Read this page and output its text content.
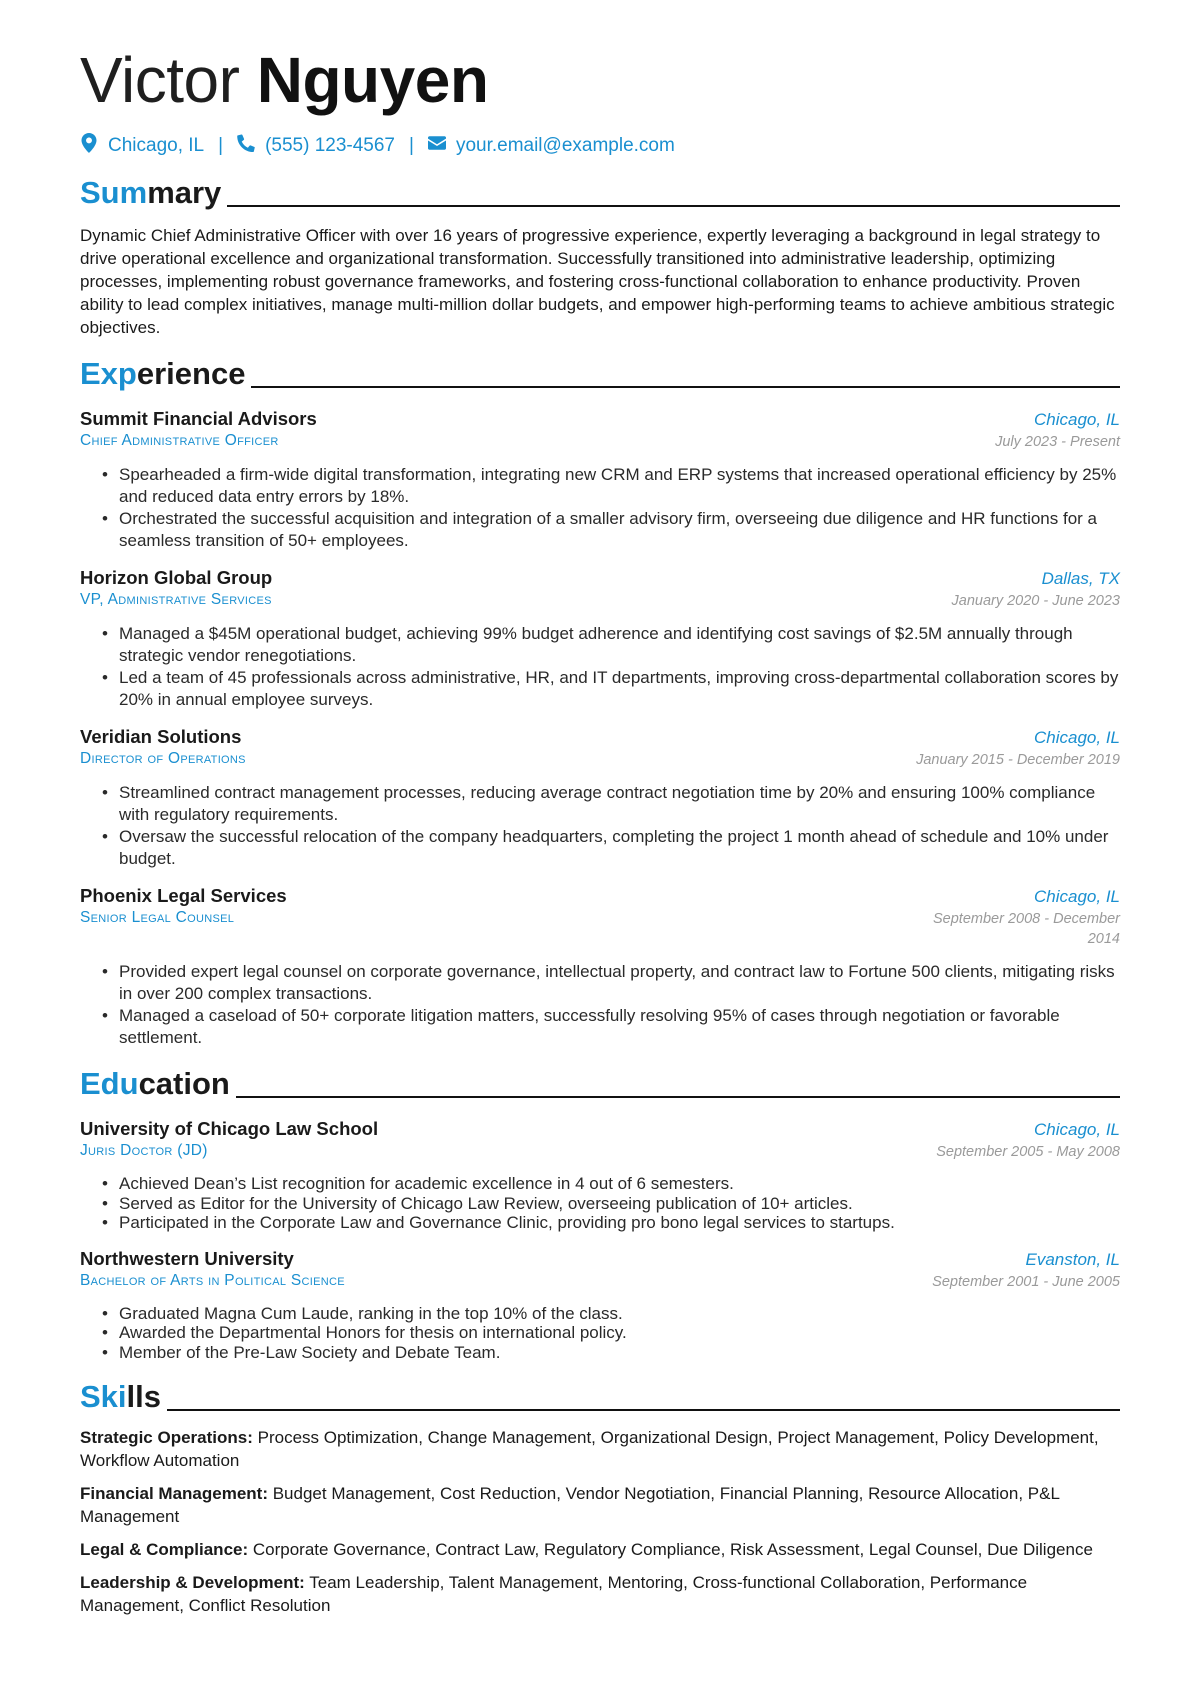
Victor Nguyen
Chicago, IL | (555) 123-4567 | your.email@example.com
Summary
Dynamic Chief Administrative Officer with over 16 years of progressive experience, expertly leveraging a background in legal strategy to drive operational excellence and organizational transformation. Successfully transitioned into administrative leadership, optimizing processes, implementing robust governance frameworks, and fostering cross-functional collaboration to enhance productivity. Proven ability to lead complex initiatives, manage multi-million dollar budgets, and empower high-performing teams to achieve ambitious strategic objectives.
Experience
Summit Financial Advisors	Chicago, IL
Chief Administrative Officer	July 2023 - Present
• Spearheaded a firm-wide digital transformation, integrating new CRM and ERP systems that increased operational efficiency by 25% and reduced data entry errors by 18%.
• Orchestrated the successful acquisition and integration of a smaller advisory firm, overseeing due diligence and HR functions for a seamless transition of 50+ employees.
Horizon Global Group	Dallas, TX
VP, Administrative Services	January 2020 - June 2023
• Managed a $45M operational budget, achieving 99% budget adherence and identifying cost savings of $2.5M annually through strategic vendor renegotiations.
• Led a team of 45 professionals across administrative, HR, and IT departments, improving cross-departmental collaboration scores by 20% in annual employee surveys.
Veridian Solutions	Chicago, IL
Director of Operations	January 2015 - December 2019
• Streamlined contract management processes, reducing average contract negotiation time by 20% and ensuring 100% compliance with regulatory requirements.
• Oversaw the successful relocation of the company headquarters, completing the project 1 month ahead of schedule and 10% under budget.
Phoenix Legal Services	Chicago, IL
Senior Legal Counsel	September 2008 - December 2014
• Provided expert legal counsel on corporate governance, intellectual property, and contract law to Fortune 500 clients, mitigating risks in over 200 complex transactions.
• Managed a caseload of 50+ corporate litigation matters, successfully resolving 95% of cases through negotiation or favorable settlement.
Education
University of Chicago Law School	Chicago, IL
Juris Doctor (JD)	September 2005 - May 2008
• Achieved Dean’s List recognition for academic excellence in 4 out of 6 semesters.
• Served as Editor for the University of Chicago Law Review, overseeing publication of 10+ articles.
• Participated in the Corporate Law and Governance Clinic, providing pro bono legal services to startups.
Northwestern University	Evanston, IL
Bachelor of Arts in Political Science	September 2001 - June 2005
• Graduated Magna Cum Laude, ranking in the top 10% of the class.
• Awarded the Departmental Honors for thesis on international policy.
• Member of the Pre-Law Society and Debate Team.
Skills
Strategic Operations: Process Optimization, Change Management, Organizational Design, Project Management, Policy Development, Workflow Automation
Financial Management: Budget Management, Cost Reduction, Vendor Negotiation, Financial Planning, Resource Allocation, P&L Management
Legal & Compliance: Corporate Governance, Contract Law, Regulatory Compliance, Risk Assessment, Legal Counsel, Due Diligence
Leadership & Development: Team Leadership, Talent Management, Mentoring, Cross-functional Collaboration, Performance Management, Conflict Resolution
